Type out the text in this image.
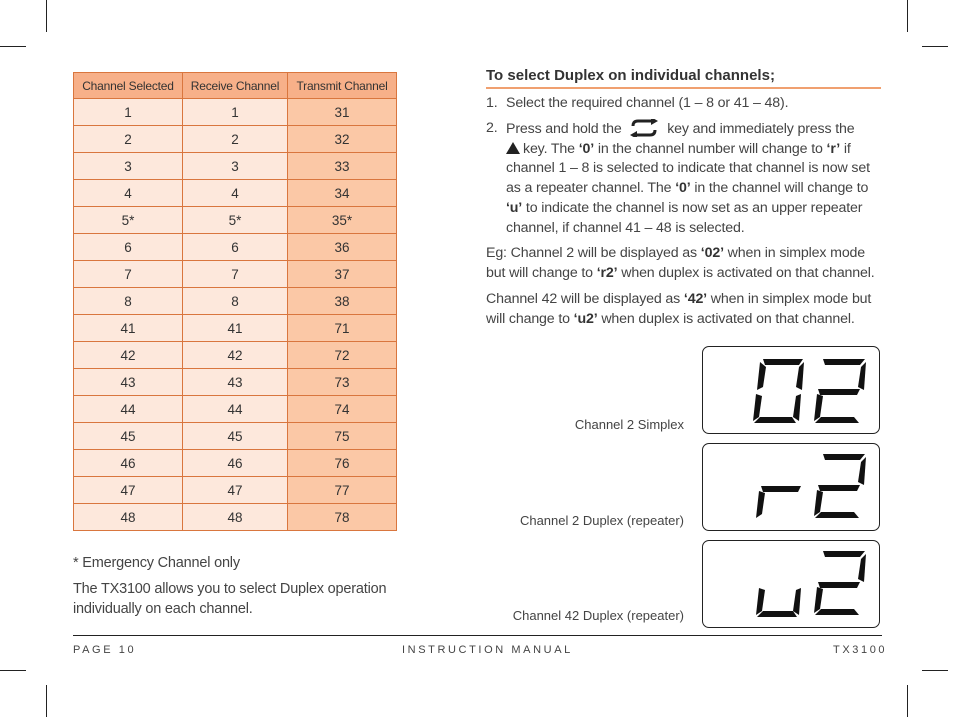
Channel Selected	Receive Channel	Transmit Channel
1	1	31
2	2	32
3	3	33
4	4	34
5*	5*	35*
6	6	36
7	7	37
8	8	38
41	41	71
42	42	72
43	43	73
44	44	74
45	45	75
46	46	76
47	47	77
48	48	78
* Emergency Channel only
The TX3100 allows you to select Duplex operation individually on each channel.
To select Duplex on individual channels;
1. Select the required channel (1 – 8 or 41 – 48).
2. Press and hold the	key and immediately press the
key. The ‘0’ in the channel number will change to ‘r’ if channel 1 – 8 is selected to indicate that channel is now set as a repeater channel. The ‘0’ in the channel will change to ‘u’ to indicate the channel is now set as an upper repeater channel, if channel 41 – 48 is selected.
Eg: Channel 2 will be displayed as ‘02’ when in simplex mode but will change to ‘r2’ when duplex is activated on that channel.
Channel 42 will be displayed as ‘42’ when in simplex mode but will change to ‘u2’ when duplex is activated on that channel.
Channel 2 Simplex
Channel 2 Duplex (repeater)
Channel 42 Duplex (repeater)
PAGE 10	INSTRUCTION MANUAL	TX3100
